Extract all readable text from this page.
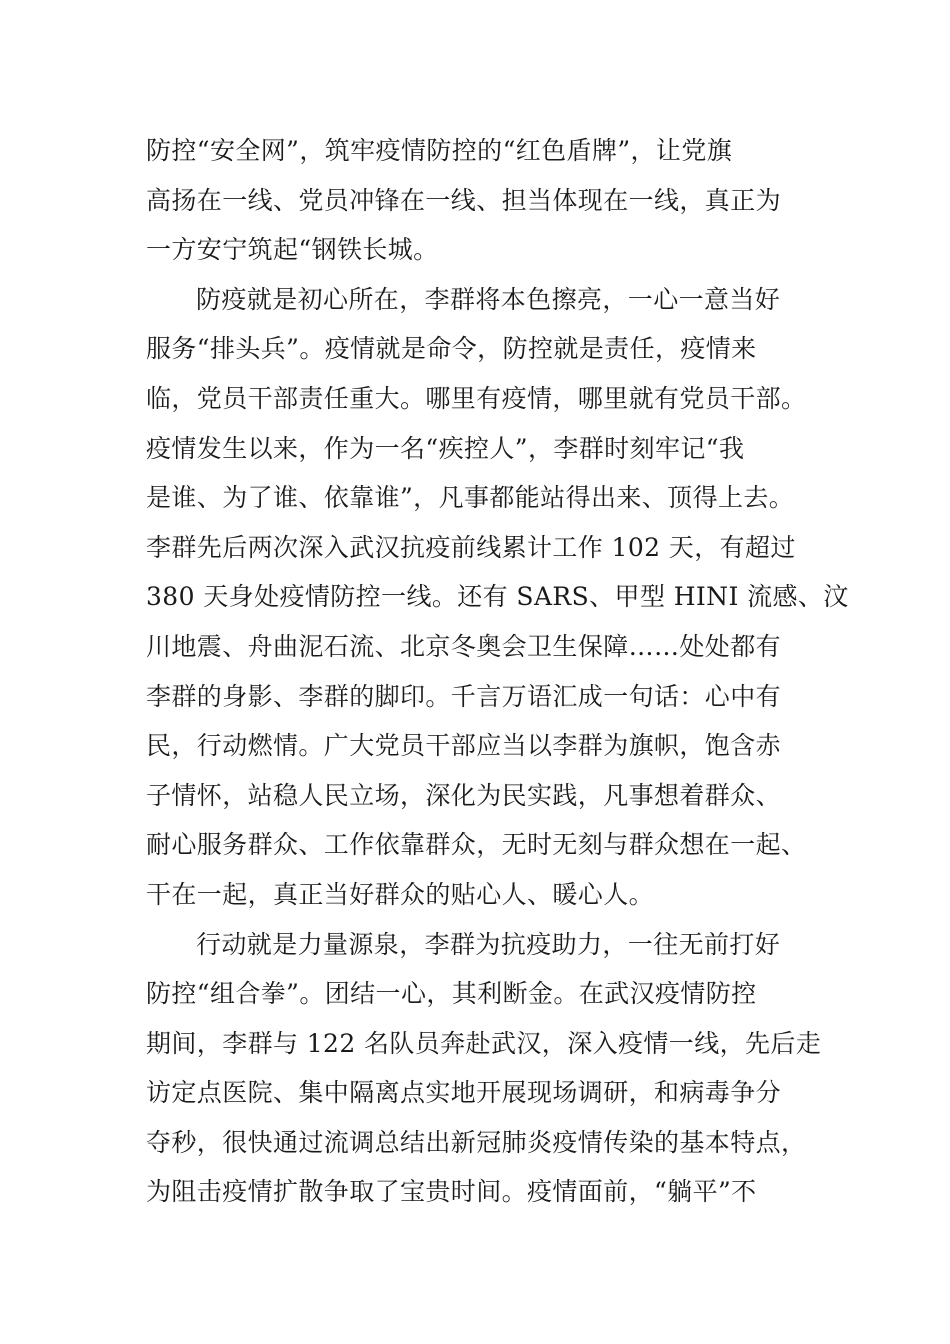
防控“安全网”，筑牢疫情防控的“红色盾牌”，让党旗
高扬在一线、党员冲锋在一线、担当体现在一线，真正为
一方安宁筑起“钢铁长城。
防疫就是初心所在，李群将本色擦亮，一心一意当好
服务“排头兵”。疫情就是命令，防控就是责任，疫情来
临，党员干部责任重大。哪里有疫情，哪里就有党员干部。
疫情发生以来，作为一名“疾控人”，李群时刻牢记“我
是谁、为了谁、依靠谁”，凡事都能站得出来、顶得上去。
李群先后两次深入武汉抗疫前线累计工作 102 天，有超过
380 天身处疫情防控一线。还有 SARS、甲型 HINI 流感、汶
川地震、舟曲泥石流、北京冬奥会卫生保障……处处都有
李群的身影、李群的脚印。千言万语汇成一句话：心中有
民，行动燃情。广大党员干部应当以李群为旗帜，饱含赤
子情怀，站稳人民立场，深化为民实践，凡事想着群众、
耐心服务群众、工作依靠群众，无时无刻与群众想在一起、
干在一起，真正当好群众的贴心人、暖心人。
行动就是力量源泉，李群为抗疫助力，一往无前打好
防控“组合拳”。团结一心，其利断金。在武汉疫情防控
期间，李群与 122 名队员奔赴武汉，深入疫情一线，先后走
访定点医院、集中隔离点实地开展现场调研，和病毒争分
夺秒，很快通过流调总结出新冠肺炎疫情传染的基本特点，
为阻击疫情扩散争取了宝贵时间。疫情面前，“躺平”不
